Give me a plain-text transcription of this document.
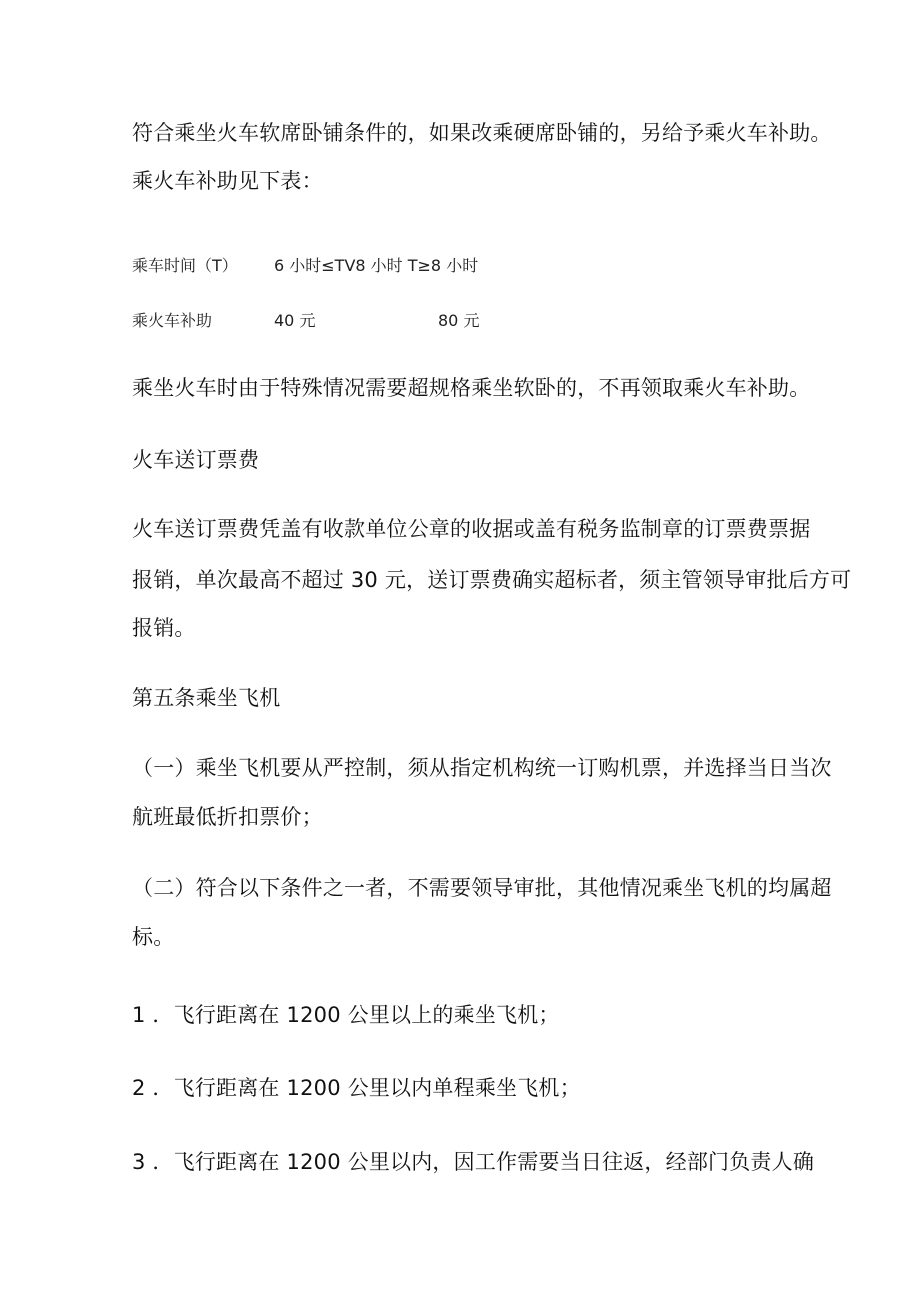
符合乘坐火车软席卧铺条件的，如果改乘硬席卧铺的，另给予乘火车补助。
乘火车补助见下表：
乘车时间（T） 6 小时≤TV8 小时 T≥8 小时
乘火车补助	40 元	80 元
乘坐火车时由于特殊情况需要超规格乘坐软卧的，不再领取乘火车补助。
火车送订票费
火车送订票费凭盖有收款单位公章的收据或盖有税务监制章的订票费票据
报销，单次最高不超过 30 元，送订票费确实超标者，须主管领导审批后方可
报销。
第五条乘坐飞机
（一）乘坐飞机要从严控制，须从指定机构统一订购机票，并选择当日当次
航班最低折扣票价；
（二）符合以下条件之一者，不需要领导审批，其他情况乘坐飞机的均属超
标。
1 ．飞行距离在 1200 公里以上的乘坐飞机；
2 ．飞行距离在 1200 公里以内单程乘坐飞机；
3 ．飞行距离在 1200 公里以内，因工作需要当日往返，经部门负责人确
